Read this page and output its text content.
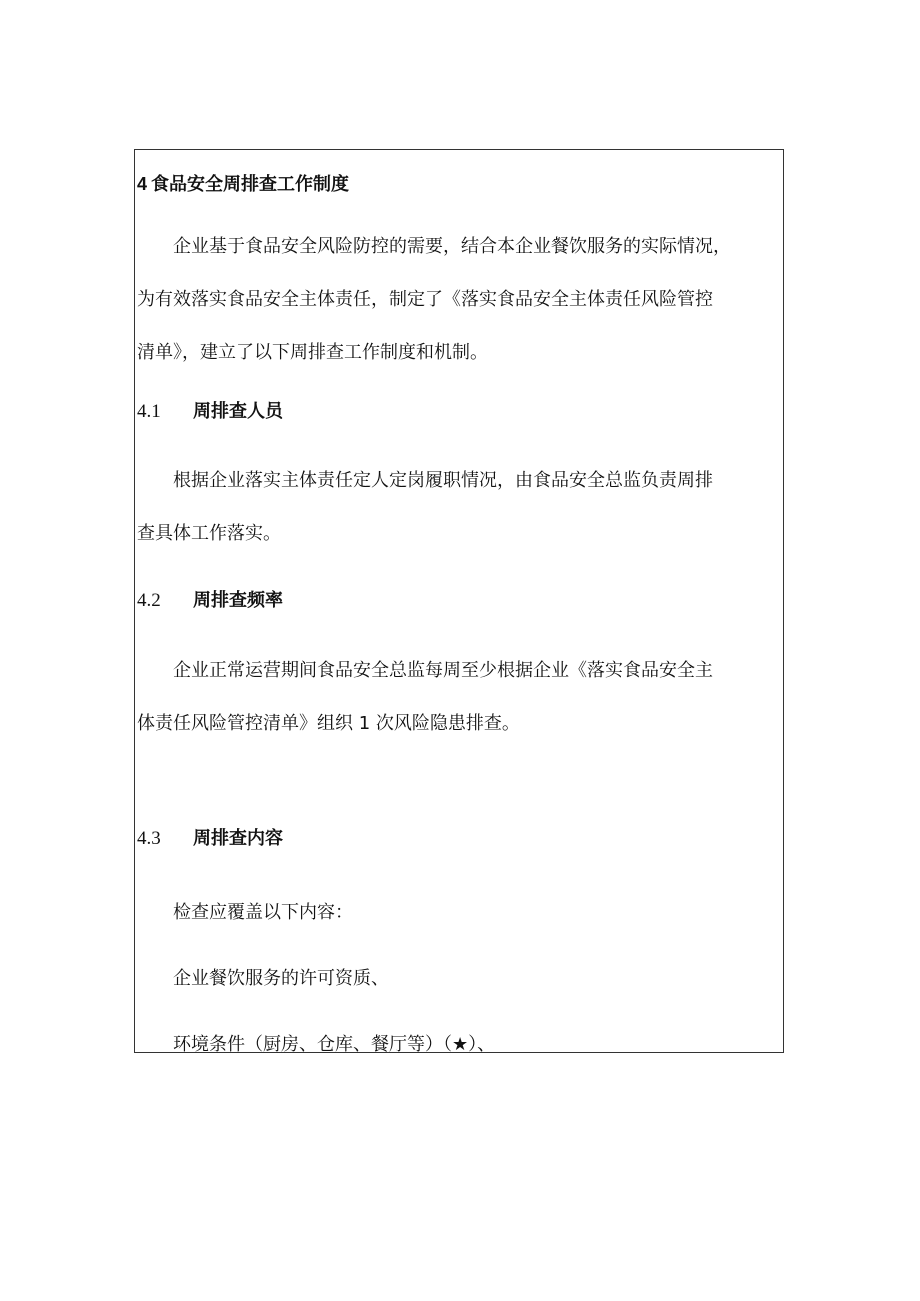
4 食品安全周排查工作制度
企业基于食品安全风险防控的需要，结合本企业餐饮服务的实际情况，
为有效落实食品安全主体责任，制定了《落实食品安全主体责任风险管控
清单》，建立了以下周排查工作制度和机制。
4.1 周排查人员
根据企业落实主体责任定人定岗履职情况，由食品安全总监负责周排
查具体工作落实。
4.2 周排查频率
企业正常运营期间食品安全总监每周至少根据企业《落实食品安全主
体责任风险管控清单》组织 1 次风险隐患排查。
4.3 周排查内容
检查应覆盖以下内容：
企业餐饮服务的许可资质、
环境条件（厨房、仓库、餐厅等）（★）、
